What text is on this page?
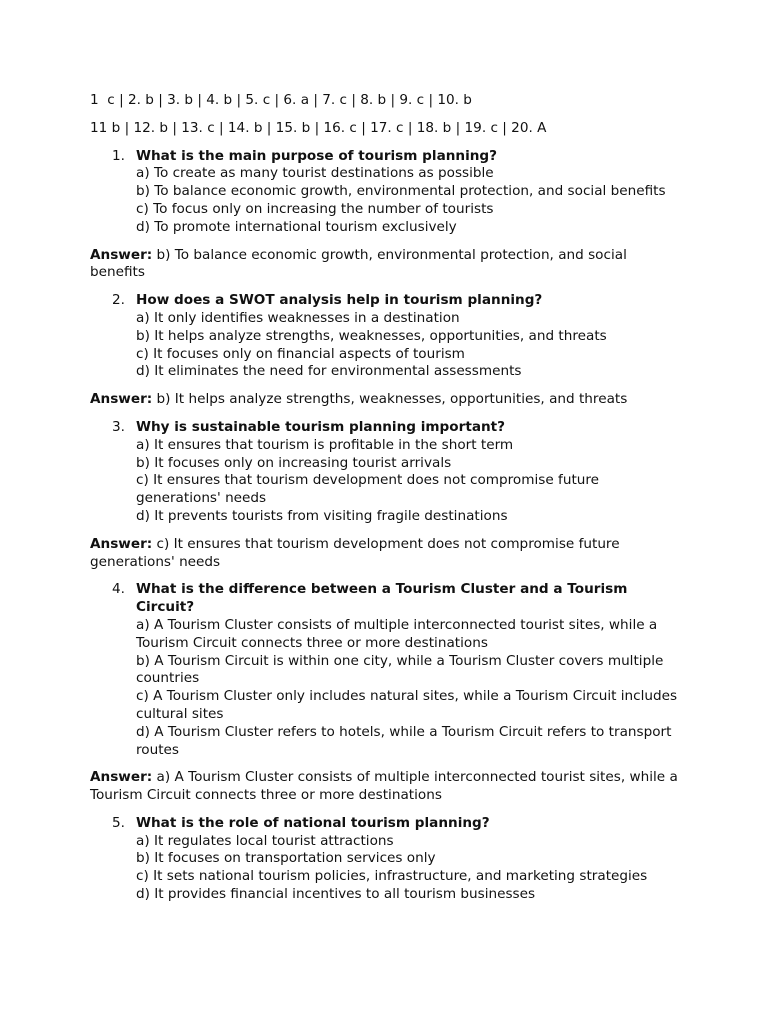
1  c | 2. b | 3. b | 4. b | 5. c | 6. a | 7. c | 8. b | 9. c | 10. b

11 b | 12. b | 13. c | 14. b | 15. b | 16. c | 17. c | 18. b | 19. c | 20. A

1. What is the main purpose of tourism planning?
a) To create as many tourist destinations as possible
b) To balance economic growth, environmental protection, and social benefits
c) To focus only on increasing the number of tourists
d) To promote international tourism exclusively

Answer: b) To balance economic growth, environmental protection, and social benefits

2. How does a SWOT analysis help in tourism planning?
a) It only identifies weaknesses in a destination
b) It helps analyze strengths, weaknesses, opportunities, and threats
c) It focuses only on financial aspects of tourism
d) It eliminates the need for environmental assessments

Answer: b) It helps analyze strengths, weaknesses, opportunities, and threats

3. Why is sustainable tourism planning important?
a) It ensures that tourism is profitable in the short term
b) It focuses only on increasing tourist arrivals
c) It ensures that tourism development does not compromise future generations' needs
d) It prevents tourists from visiting fragile destinations

Answer: c) It ensures that tourism development does not compromise future generations' needs

4. What is the difference between a Tourism Cluster and a Tourism Circuit?
a) A Tourism Cluster consists of multiple interconnected tourist sites, while a Tourism Circuit connects three or more destinations
b) A Tourism Circuit is within one city, while a Tourism Cluster covers multiple countries
c) A Tourism Cluster only includes natural sites, while a Tourism Circuit includes cultural sites
d) A Tourism Cluster refers to hotels, while a Tourism Circuit refers to transport routes

Answer: a) A Tourism Cluster consists of multiple interconnected tourist sites, while a Tourism Circuit connects three or more destinations

5. What is the role of national tourism planning?
a) It regulates local tourist attractions
b) It focuses on transportation services only
c) It sets national tourism policies, infrastructure, and marketing strategies
d) It provides financial incentives to all tourism businesses
